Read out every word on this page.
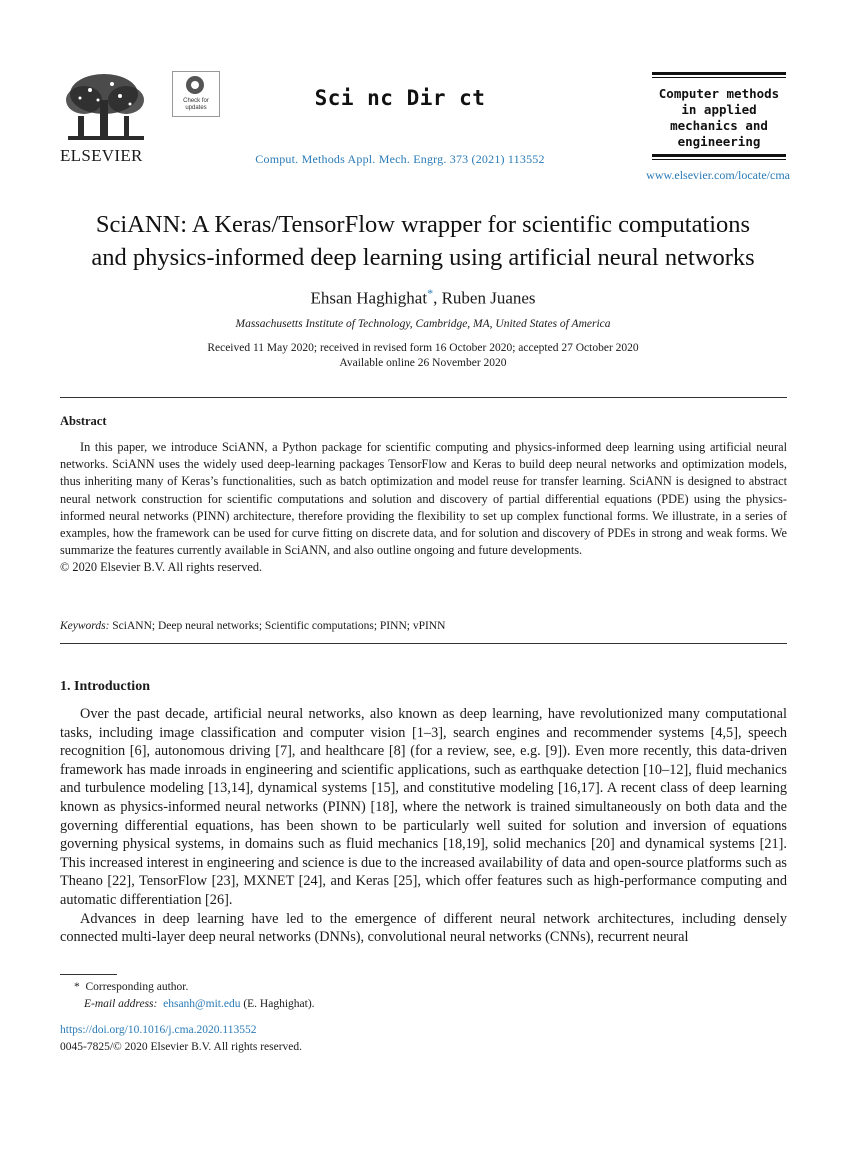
ELSEVIER
Check for
updates	Sci nc Dir ct
Comput. Methods Appl. Mech. Engrg. 373 (2021) 113552
Computer methods
in applied
mechanics and
engineering
www.elsevier.com/locate/cma
SciANN: A Keras/TensorFlow wrapper for scientific computations
and physics-informed deep learning using artificial neural networks
Ehsan Haghighat*, Ruben Juanes
Massachusetts Institute of Technology, Cambridge, MA, United States of America
Received 11 May 2020; received in revised form 16 October 2020; accepted 27 October 2020
Available online 26 November 2020
Abstract

In this paper, we introduce SciANN, a Python package for scientific computing and physics-informed deep learning using artificial neural networks. SciANN uses the widely used deep-learning packages TensorFlow and Keras to build deep neural networks and optimization models, thus inheriting many of Keras’s functionalities, such as batch optimization and model reuse for transfer learning. SciANN is designed to abstract neural network construction for scientific computations and solution and discovery of partial differential equations (PDE) using the physics-informed neural networks (PINN) architecture, therefore providing the flexibility to set up complex functional forms. We illustrate, in a series of examples, how the framework can be used for curve fitting on discrete data, and for solution and discovery of PDEs in strong and weak forms. We summarize the features currently available in SciANN, and also outline ongoing and future developments.

© 2020 Elsevier B.V. All rights reserved.

Keywords: SciANN; Deep neural networks; Scientific computations; PINN; vPINN
1. Introduction

Over the past decade, artificial neural networks, also known as deep learning, have revolutionized many computational tasks, including image classification and computer vision [1–3], search engines and recommender systems [4,5], speech recognition [6], autonomous driving [7], and healthcare [8] (for a review, see, e.g. [9]). Even more recently, this data-driven framework has made inroads in engineering and scientific applications, such as earthquake detection [10–12], fluid mechanics and turbulence modeling [13,14], dynamical systems [15], and constitutive modeling [16,17]. A recent class of deep learning known as physics-informed neural networks (PINN) [18], where the network is trained simultaneously on both data and the governing differential equations, has been shown to be particularly well suited for solution and inversion of equations governing physical systems, in domains such as fluid mechanics [18,19], solid mechanics [20] and dynamical systems [21]. This increased interest in engineering and science is due to the increased availability of data and open-source platforms such as Theano [22], TensorFlow [23], MXNET [24], and Keras [25], which offer features such as high-performance computing and automatic differentiation [26].

Advances in deep learning have led to the emergence of different neural network architectures, including densely connected multi-layer deep neural networks (DNNs), convolutional neural networks (CNNs), recurrent neural

* Corresponding author.
E-mail address: ehsanh@mit.edu (E. Haghighat).
https://doi.org/10.1016/j.cma.2020.113552
0045-7825/© 2020 Elsevier B.V. All rights reserved.
